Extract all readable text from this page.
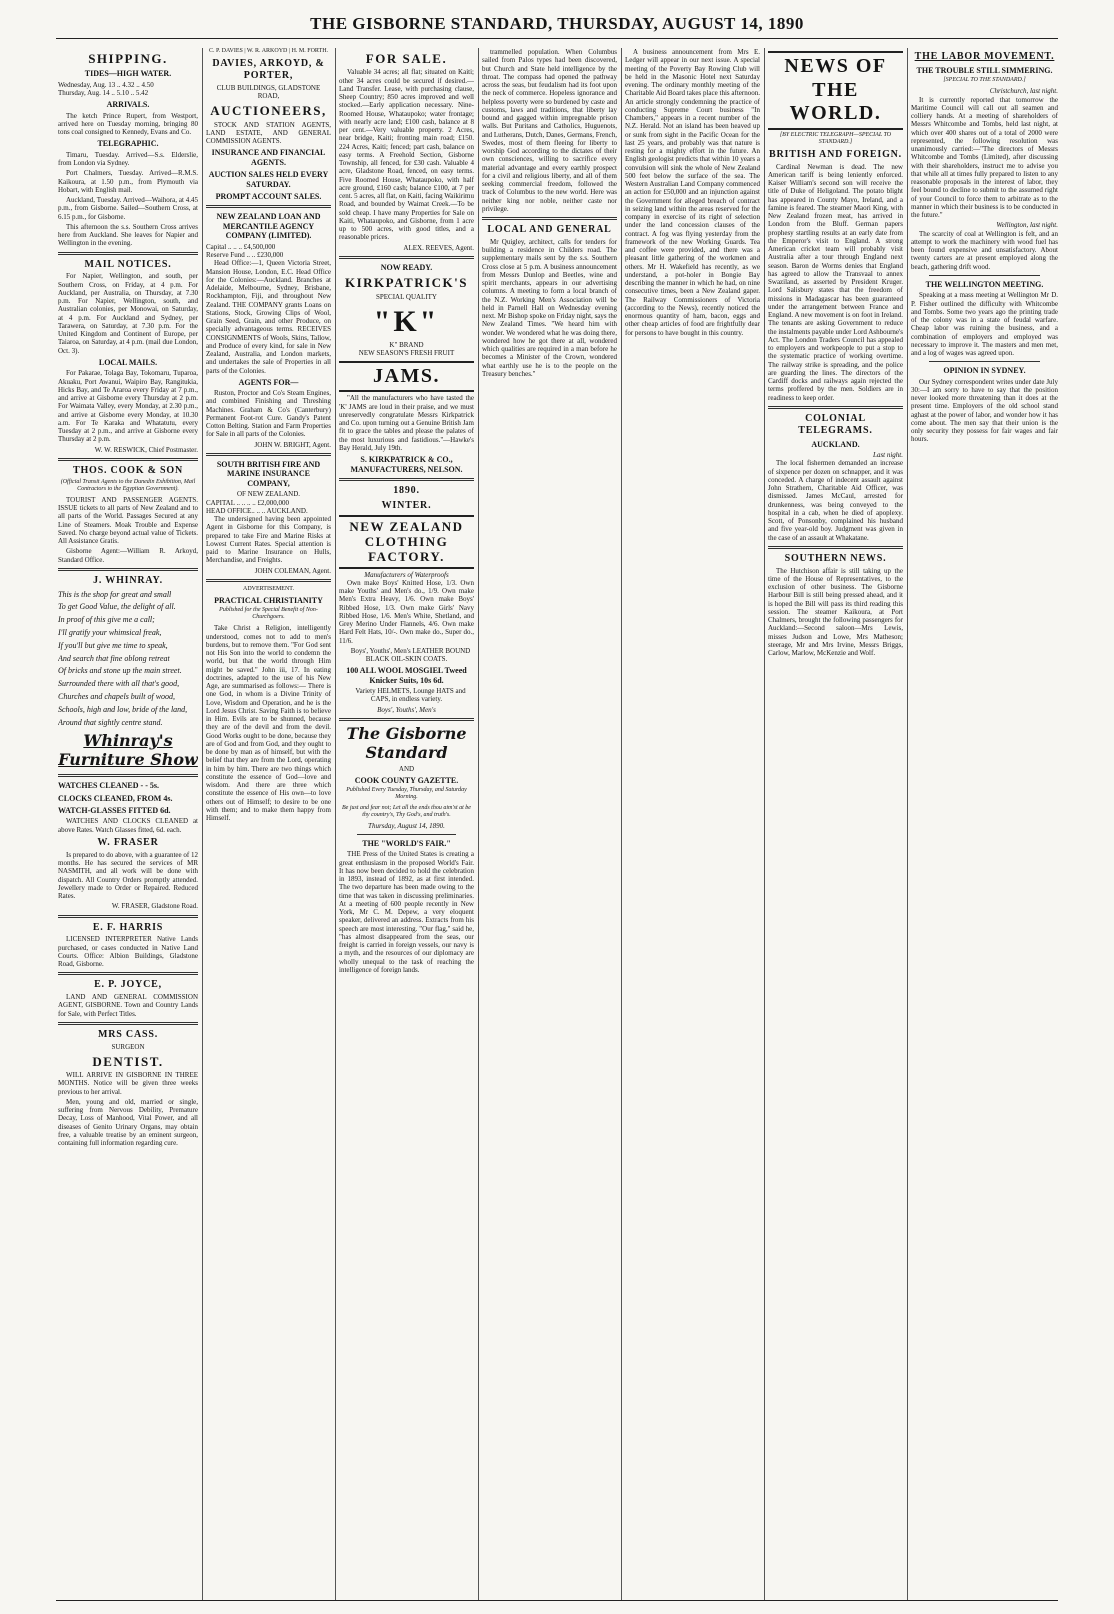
THE GISBORNE STANDARD, THURSDAY, AUGUST 14, 1890
SHIPPING.
TIDES—HIGH WATER.
Wednesday, Aug. 13 .. 4.32 .. 4.50
Thursday, Aug. 14 .. 5.10 .. 5.42
ARRIVALS.

The ketch Prince Rupert, from Westport, arrived here on Tuesday morning, bringing 80 tons coal consigned to Kennedy, Evans and Co.

TELEGRAPHIC.

Timaru, Tuesday. Arrived—S.s. Elderslie, from London via Sydney.

Port Chalmers, Tuesday. Arrived—R.M.S. Kaikoura, at 1.50 p.m., from Plymouth via Hobart, with English mail.

Auckland, Tuesday. Arrived—Waihora, at 4.45 p.m., from Gisborne. Sailed—Southern Cross, at 6.15 p.m., for Gisborne.

This afternoon the s.s. Southern Cross arrives here from Auckland. She leaves for Napier and Wellington in the evening.

MAIL NOTICES.

For Napier, Wellington, and south, per Southern Cross, on Friday, at 4 p.m. For Auckland, per Australia, on Thursday, at 7.30 p.m. For Napier, Wellington, south, and Australian colonies, per Monowai, on Saturday, at 4 p.m. For Auckland and Sydney, per Tarawera, on Saturday, at 7.30 p.m. For the United Kingdom and Continent of Europe, per Taiaroa, on Saturday, at 4 p.m. (mail due London, Oct. 3).

LOCAL MAILS.

For Pakarae, Tolaga Bay, Tokomaru, Tuparoa, Akuaku, Port Awanui, Waipiro Bay, Rangitukia, Hicks Bay, and Te Araroa every Friday at 7 p.m., and arrive at Gisborne every Thursday at 2 p.m. For Waimata Valley, every Monday, at 2.30 p.m., and arrive at Gisborne every Monday, at 10.30 a.m. For Te Karaka and Whatatutu, every Tuesday at 2 p.m., and arrive at Gisborne every Thursday at 2 p.m.

W. W. RESWICK, Chief Postmaster.
THOS. COOK & SON
(Official Transit Agents to the Dunedin Exhibition, Mail Contractors to the Egyptian Government).

TOURIST AND PASSENGER AGENTS. ISSUE tickets to all parts of New Zealand and to all parts of the World. Passages Secured at any Line of Steamers. Moak Trouble and Expense Saved. No charge beyond actual value of Tickets. All Assistance Gratis.

Gisborne Agent:—William R. Arkoyd, Standard Office.

J. WHINRAY.
This is the shop for great and small
To get Good Value, the delight of all.
In proof of this give me a call;
I'll gratify your whimsical freak,
If you'll but give me time to speak,
And search that fine oblong retreat
Of bricks and stone up the main street.
Surrounded there with all that's good,
Churches and chapels built of wood,
Schools, high and low, bride of the land,
Around that sightly centre stand.
Whinray's Furniture Show
WATCHES CLEANED - - 5s.
CLOCKS CLEANED, FROM 4s.
WATCH-GLASSES FITTED 6d.

WATCHES AND CLOCKS CLEANED at above Rates. Watch Glasses fitted, 6d. each.

W. FRASER

Is prepared to do above, with a guarantee of 12 months. He has secured the services of MR NASMITH, and all work will be done with dispatch. All Country Orders promptly attended. Jewellery made to Order or Repaired. Reduced Rates.

W. FRASER, Gladstone Road.
E. F. HARRIS

LICENSED INTERPRETER Native Lands purchased, or cases conducted in Native Land Courts. Office: Albion Buildings, Gladstone Road, Gisborne.

E. P. JOYCE,

LAND AND GENERAL COMMISSION AGENT, GISBORNE. Town and Country Lands for Sale, with Perfect Titles.

MRS CASS.
SURGEON
DENTIST.

WILL ARRIVE IN GISBORNE IN THREE MONTHS. Notice will be given three weeks previous to her arrival.

Men, young and old, married or single, suffering from Nervous Debility, Premature Decay, Loss of Manhood, Vital Power, and all diseases of Genito Urinary Organs, may obtain free, a valuable treatise by an eminent surgeon, containing full information regarding cure.

C. P. DAVIES | W. R. ARKOYD | H. M. FORTH.
DAVIES, ARKOYD, & PORTER,
CLUB BUILDINGS, GLADSTONE ROAD,
AUCTIONEERS,

STOCK AND STATION AGENTS, LAND ESTATE, AND GENERAL COMMISSION AGENTS.

INSURANCE AND FINANCIAL AGENTS.
AUCTION SALES HELD EVERY SATURDAY.
PROMPT ACCOUNT SALES.
NEW ZEALAND LOAN AND MERCANTILE AGENCY COMPANY (LIMITED).
Capital .. .. .. £4,500,000
Reserve Fund .. .. £230,000

Head Office:—1, Queen Victoria Street, Mansion House, London, E.C. Head Office for the Colonies:—Auckland. Branches at Adelaide, Melbourne, Sydney, Brisbane, Rockhampton, Fiji, and throughout New Zealand. THE COMPANY grants Loans on Stations, Stock, Growing Clips of Wool, Grain Seed, Grain, and other Produce, on specially advantageous terms. RECEIVES CONSIGNMENTS of Wools, Skins, Tallow, and Produce of every kind, for sale in New Zealand, Australia, and London markets, and undertakes the sale of Properties in all parts of the Colonies.

AGENTS FOR—

Ruston, Proctor and Co's Steam Engines, and combined Finishing and Threshing Machines. Graham & Co's (Canterbury) Permanent Foot-rot Cure. Gandy's Patent Cotton Belting. Station and Farm Properties for Sale in all parts of the Colonies.

JOHN W. BRIGHT, Agent.
SOUTH BRITISH FIRE AND MARINE INSURANCE COMPANY,
OF NEW ZEALAND.
CAPITAL .. .. .. .. £2,000,000
HEAD OFFICE.. .. .. AUCKLAND.

The undersigned having been appointed Agent in Gisborne for this Company, is prepared to take Fire and Marine Risks at Lowest Current Rates. Special attention is paid to Marine Insurance on Hulls, Merchandise, and Freights.

JOHN COLEMAN, Agent.
ADVERTISEMENT.
PRACTICAL CHRISTIANITY
Published for the Special Benefit of Non-Churchgoers.

Take Christ a Religion, intelligently understood, comes not to add to men's burdens, but to remove them. "For God sent not His Son into the world to condemn the world, but that the world through Him might be saved." John iii, 17. In eating doctrines, adapted to the use of his New Age, are summarised as follows:— There is one God, in whom is a Divine Trinity of Love, Wisdom and Operation, and he is the Lord Jesus Christ. Saving Faith is to believe in Him. Evils are to be shunned, because they are of the devil and from the devil. Good Works ought to be done, because they are of God and from God, and they ought to be done by man as of himself, but with the belief that they are from the Lord, operating in him by him. There are two things which constitute the essence of God—love and wisdom. And there are three which constitute the essence of His own—to love others out of Himself; to desire to be one with them; and to make them happy from Himself.

FOR SALE.

Valuable 34 acres; all flat; situated on Kaiti; other 34 acres could be secured if desired.—Land Transfer. Lease, with purchasing clause, Sheep Country; 850 acres improved and well stocked.—Early application necessary. Nine-Roomed House, Whataupoko; water frontage; with nearly acre land; £100 cash, balance at 8 per cent.—Very valuable property. 2 Acres, near bridge, Kaiti; fronting main road; £150. 224 Acres, Kaiti; fenced; part cash, balance on easy terms. A Freehold Section, Gisborne Township, all fenced, for £30 cash. Valuable 4 acre, Gladstone Road, fenced, on easy terms. Five Roomed House, Whataupoko, with half acre ground, £160 cash; balance £100, at 7 per cent. 5 acres, all flat, on Kaiti, facing Waikirimu Road, and bounded by Waimat Creek.—To be sold cheap. I have many Properties for Sale on Kaiti, Whataupoko, and Gisborne, from 1 acre up to 500 acres, with good titles, and a reasonable prices.

ALEX. REEVES, Agent.
NOW READY.
KIRKPATRICK'S
SPECIAL QUALITY
"K"
K" BRAND
NEW SEASON'S FRESH FRUIT
JAMS.

"All the manufacturers who have tasted the 'K' JAMS are loud in their praise, and we must unreservedly congratulate Messrs Kirkpatrick and Co. upon turning out a Genuine British Jam fit to grace the tables and please the palates of the most luxurious and fastidious."—Hawke's Bay Herald, July 19th.

S. KIRKPATRICK & CO., MANUFACTURERS, NELSON.
1890.
WINTER.
NEW ZEALAND CLOTHING FACTORY.
Manufacturers of Waterproofs

Own make Boys' Knitted Hose, 1/3. Own make Youths' and Men's do., 1/9. Own make Men's Extra Heavy, 1/6. Own make Boys' Ribbed Hose, 1/3. Own make Girls' Navy Ribbed Hose, 1/6. Men's White, Shetland, and Grey Merino Under Flannels, 4/6. Own make Hard Felt Hats, 10/-. Own make do., Super do., 11/6.

Boys', Youths', Men's LEATHER BOUND BLACK OIL-SKIN COATS.

100 ALL WOOL MOSGIEL Tweed Knicker Suits, 10s 6d.

Variety HELMETS, Lounge HATS and CAPS, in endless variety.

Boys', Youths', Men's
The Gisborne Standard
AND
COOK COUNTY GAZETTE.
Published Every Tuesday, Thursday, and Saturday Morning.
Be just and fear not; Let all the ends thou aim'st at be thy country's, Thy God's, and truth's.
Thursday, August 14, 1890.
THE "WORLD'S FAIR."

THE Press of the United States is creating a great enthusiasm in the proposed World's Fair. It has now been decided to hold the celebration in 1893, instead of 1892, as at first intended. The two departure has been made owing to the time that was taken in discussing preliminaries. At a meeting of 600 people recently in New York, Mr C. M. Depew, a very eloquent speaker, delivered an address. Extracts from his speech are most interesting. "Our flag," said he, "has almost disappeared from the seas, our freight is carried in foreign vessels, our navy is a myth, and the resources of our diplomacy are wholly unequal to the task of reaching the intelligence of foreign lands.

trammelled population. When Columbus sailed from Palos types had been discovered, but Church and State held intelligence by the throat. The compass had opened the pathway across the seas, but feudalism had its foot upon the neck of commerce. Hopeless ignorance and helpless poverty were so burdened by caste and customs, laws and traditions, that liberty lay bound and gagged within impregnable prison walls. But Puritans and Catholics, Huguenots, and Lutherans, Dutch, Danes, Germans, French, Swedes, most of them fleeing for liberty to worship God according to the dictates of their own consciences, willing to sacrifice every material advantage and every earthly prospect for a civil and religious liberty, and all of them seeking commercial freedom, followed the track of Columbus to the new world. Here was neither king nor noble, neither caste nor privilege.

LOCAL AND GENERAL

Mr Quigley, architect, calls for tenders for building a residence in Childers road. The supplementary mails sent by the s.s. Southern Cross close at 5 p.m. A business announcement from Messrs Dunlop and Beetles, wine and spirit merchants, appears in our advertising columns. A meeting to form a local branch of the N.Z. Working Men's Association will be held in Parnell Hall on Wednesday evening next. Mr Bishop spoke on Friday night, says the New Zealand Times. "We heard him with wonder. We wondered what he was doing there, wondered how he got there at all, wondered which qualities are required in a man before he becomes a Minister of the Crown, wondered what earthly use he is to the people on the Treasury benches."

A business announcement from Mrs E. Ledger will appear in our next issue. A special meeting of the Poverty Bay Rowing Club will be held in the Masonic Hotel next Saturday evening. The ordinary monthly meeting of the Charitable Aid Board takes place this afternoon. An article strongly condemning the practice of conducting Supreme Court business "In Chambers," appears in a recent number of the N.Z. Herald. Not an island has been heaved up or sunk from sight in the Pacific Ocean for the last 25 years, and probably was that nature is resting for a mighty effort in the future. An English geologist predicts that within 10 years a convulsion will sink the whole of New Zealand 500 feet below the surface of the sea. The Western Australian Land Company commenced an action for £50,000 and an injunction against the Government for alleged breach of contract in seizing land within the areas reserved for the company in exercise of its right of selection under the land concession clauses of the contract. A fog was flying yesterday from the framework of the new Working Guards. Tea and coffee were provided, and there was a pleasant little gathering of the workmen and others. Mr H. Wakefield has recently, as we understand, a pot-holer in Bongie Bay describing the manner in which he had, on nine consecutive times, been a New Zealand gaper. The Railway Commissioners of Victoria (according to the News), recently noticed the enormous quantity of ham, bacon, eggs and other cheap articles of food are frightfully dear for persons to have bought in this country.

NEWS OF THE WORLD.
[BY ELECTRIC TELEGRAPH—SPECIAL TO STANDARD.]
BRITISH AND FOREIGN.

Cardinal Newman is dead. The new American tariff is being leniently enforced. Kaiser William's second son will receive the title of Duke of Heligoland. The potato blight has appeared in County Mayo, Ireland, and a famine is feared. The steamer Maori King, with New Zealand frozen meat, has arrived in London from the Bluff. German papers prophesy startling results at an early date from the Emperor's visit to England. A strong American cricket team will probably visit Australia after a tour through England next season. Baron de Worms denies that England has agreed to allow the Transvaal to annex Swaziland, as asserted by President Kruger. Lord Salisbury states that the freedom of missions in Madagascar has been guaranteed under the arrangement between France and England. A new movement is on foot in Ireland. The tenants are asking Government to reduce the instalments payable under Lord Ashbourne's Act. The London Traders Council has appealed to employers and workpeople to put a stop to the systematic practice of working overtime. The railway strike is spreading, and the police are guarding the lines. The directors of the Cardiff docks and railways again rejected the terms proffered by the men. Soldiers are in readiness to keep order.

COLONIAL TELEGRAMS.
AUCKLAND.
Last night.

The local fishermen demanded an increase of sixpence per dozen on schnapper, and it was conceded. A charge of indecent assault against John Strathern, Charitable Aid Officer, was dismissed. James McCaul, arrested for drunkenness, was being conveyed to the hospital in a cab, when he died of apoplexy. Scott, of Ponsonby, complained his husband and five year-old boy. Judgment was given in the case of an assault at Whakatane.

SOUTHERN NEWS.

The Hutchison affair is still taking up the time of the House of Representatives, to the exclusion of other business. The Gisborne Harbour Bill is still being pressed ahead, and it is hoped the Bill will pass its third reading this session. The steamer Kaikoura, at Port Chalmers, brought the following passengers for Auckland:—Second saloon—Mrs Lewis, misses Judson and Lowe, Mrs Matheson; steerage, Mr and Mrs Irvine, Messrs Briggs, Carlow, Marlow, McKenzie and Wolf.

THE LABOR MOVEMENT.
THE TROUBLE STILL SIMMERING.
[SPECIAL TO THE STANDARD.]
Christchurch, last night.

It is currently reported that tomorrow the Maritime Council will call out all seamen and colliery hands. At a meeting of shareholders of Messrs Whitcombe and Tombs, held last night, at which over 400 shares out of a total of 2000 were represented, the following resolution was unanimously carried:—"The directors of Messrs Whitcombe and Tombs (Limited), after discussing with their shareholders, instruct me to advise you that while all at times fully prepared to listen to any reasonable proposals in the interest of labor, they feel bound to decline to submit to the assumed right of your Council to force them to arbitrate as to the manner in which their business is to be conducted in the future."

Wellington, last night.

The scarcity of coal at Wellington is felt, and an attempt to work the machinery with wood fuel has been found expensive and unsatisfactory. About twenty carters are at present employed along the beach, gathering drift wood.

THE WELLINGTON MEETING.

Speaking at a mass meeting at Wellington Mr D. P. Fisher outlined the difficulty with Whitcombe and Tombs. Some two years ago the printing trade of the colony was in a state of feudal warfare. Cheap labor was ruining the business, and a combination of employers and employed was necessary to improve it. The masters and men met, and a log of wages was agreed upon.

OPINION IN SYDNEY.

Our Sydney correspondent writes under date July 30:—I am sorry to have to say that the position never looked more threatening than it does at the present time. Employers of the old school stand aghast at the power of labor, and wonder how it has come about. The men say that their union is the only security they possess for fair wages and fair hours.
